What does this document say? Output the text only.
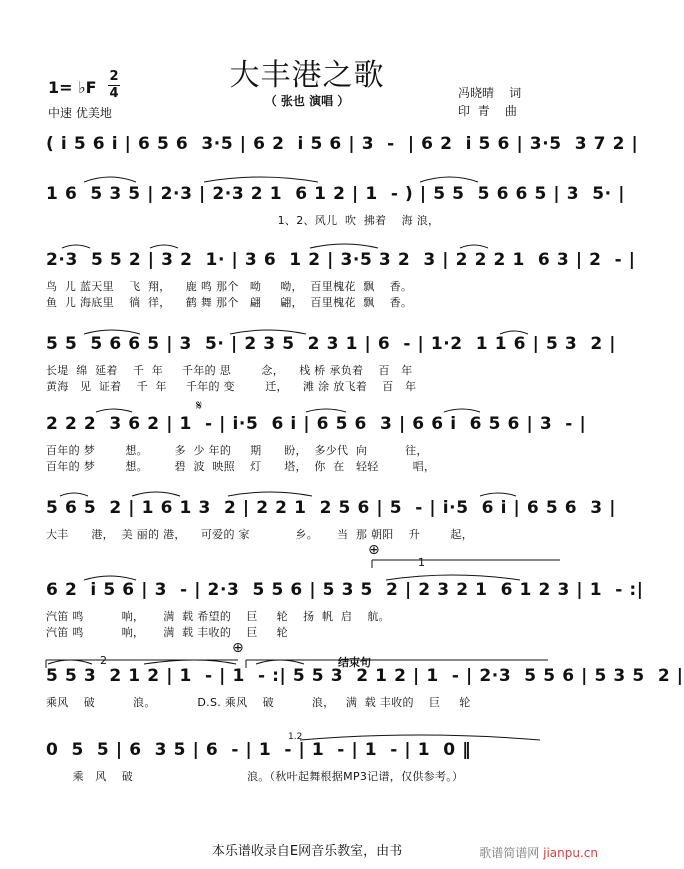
大丰港之歌
（ 张也 演唱 ）
1= ♭F
2
4
中速 优美地
冯晓晴    词
印  青    曲
( i 5 6 i | 6 5 6  3·5 | 6 2  i 5 6 | 3  -  | 6 2  i 5 6 | 3·5  3 7 2 |
1 6  5 3 5 | 2·3 | 2·3 2 1  6 1 2 | 1  - ) | 5 5  5 6 6 5 | 3  5· |
1、2、风儿  吹  拂着    海 浪，
2·3  5 5 2 | 3 2  1· | 3 6  1 2 | 3·5 3 2  3 | 2 2 2 1  6 3 | 2  - |
鸟  儿 蓝天里    飞  翔，    鹿 鸣 那个   呦     呦，  百里槐花  飘    香。
鱼  儿 海底里    徜  徉，    鹤 舞 那个   翩     翩，  百里槐花  飘    香。
5 5  5 6 6 5 | 3  5· | 2 3 5  2 3 1 | 6  - | 1·2  1 1 6 | 5 3  2 |
长堤  绵  延着    千  年     千年的 思        念，    栈 桥 承负着    百   年
黄海   见  证着    千  年     千年的 变        迁，    滩 涂 放飞着    百   年
2 2 2  3 6 2 | 1  - | i·5  6 i | 6 5 6  3 | 6 6 i  6 5 6 | 3  - |
百年的 梦        想。       多  少 年的     期      盼，  多少代  向          往，
百年的 梦        想。       碧  波  映照    灯      塔，  你  在   轻轻         唱，
5 6 5  2 | 1 6 1 3  2 | 2 2 1  2 5 6 | 5  - | i·5  6 i | 6 5 6  3 |
大丰      港，  美 丽的 港，    可爱的 家            乡。     当  那 朝阳    升        起，
6 2  i 5 6 | 3  - | 2·3  5 5 6 | 5 3 5  2 | 2 3 2 1  6 1 2 3 | 1  - :|
汽笛 鸣          响，     满  载 希望的    巨     轮    扬  帆  启    航。
汽笛 鸣          响，     满  载 丰收的    巨     轮
5 5 3  2 1 2 | 1  - | 1  - :| 5 5 3  2 1 2 | 1  - | 2·3  5 5 6 | 5 3 5  2 |
乘风    破          浪。           D.S. 乘风    破          浪，   满  载 丰收的    巨     轮
0  5  5 | 6  3 5 | 6  - | 1  - | 1  - | 1  - | 1  0 ‖
乘   风    破                              浪。（秋叶起舞根据MP3记谱，仅供参考。）
𝄋
⊕
⊕
1
2	结束句
1.2
本乐谱收录自E网音乐教室，由书	歌谱简谱网 jianpu.cn
